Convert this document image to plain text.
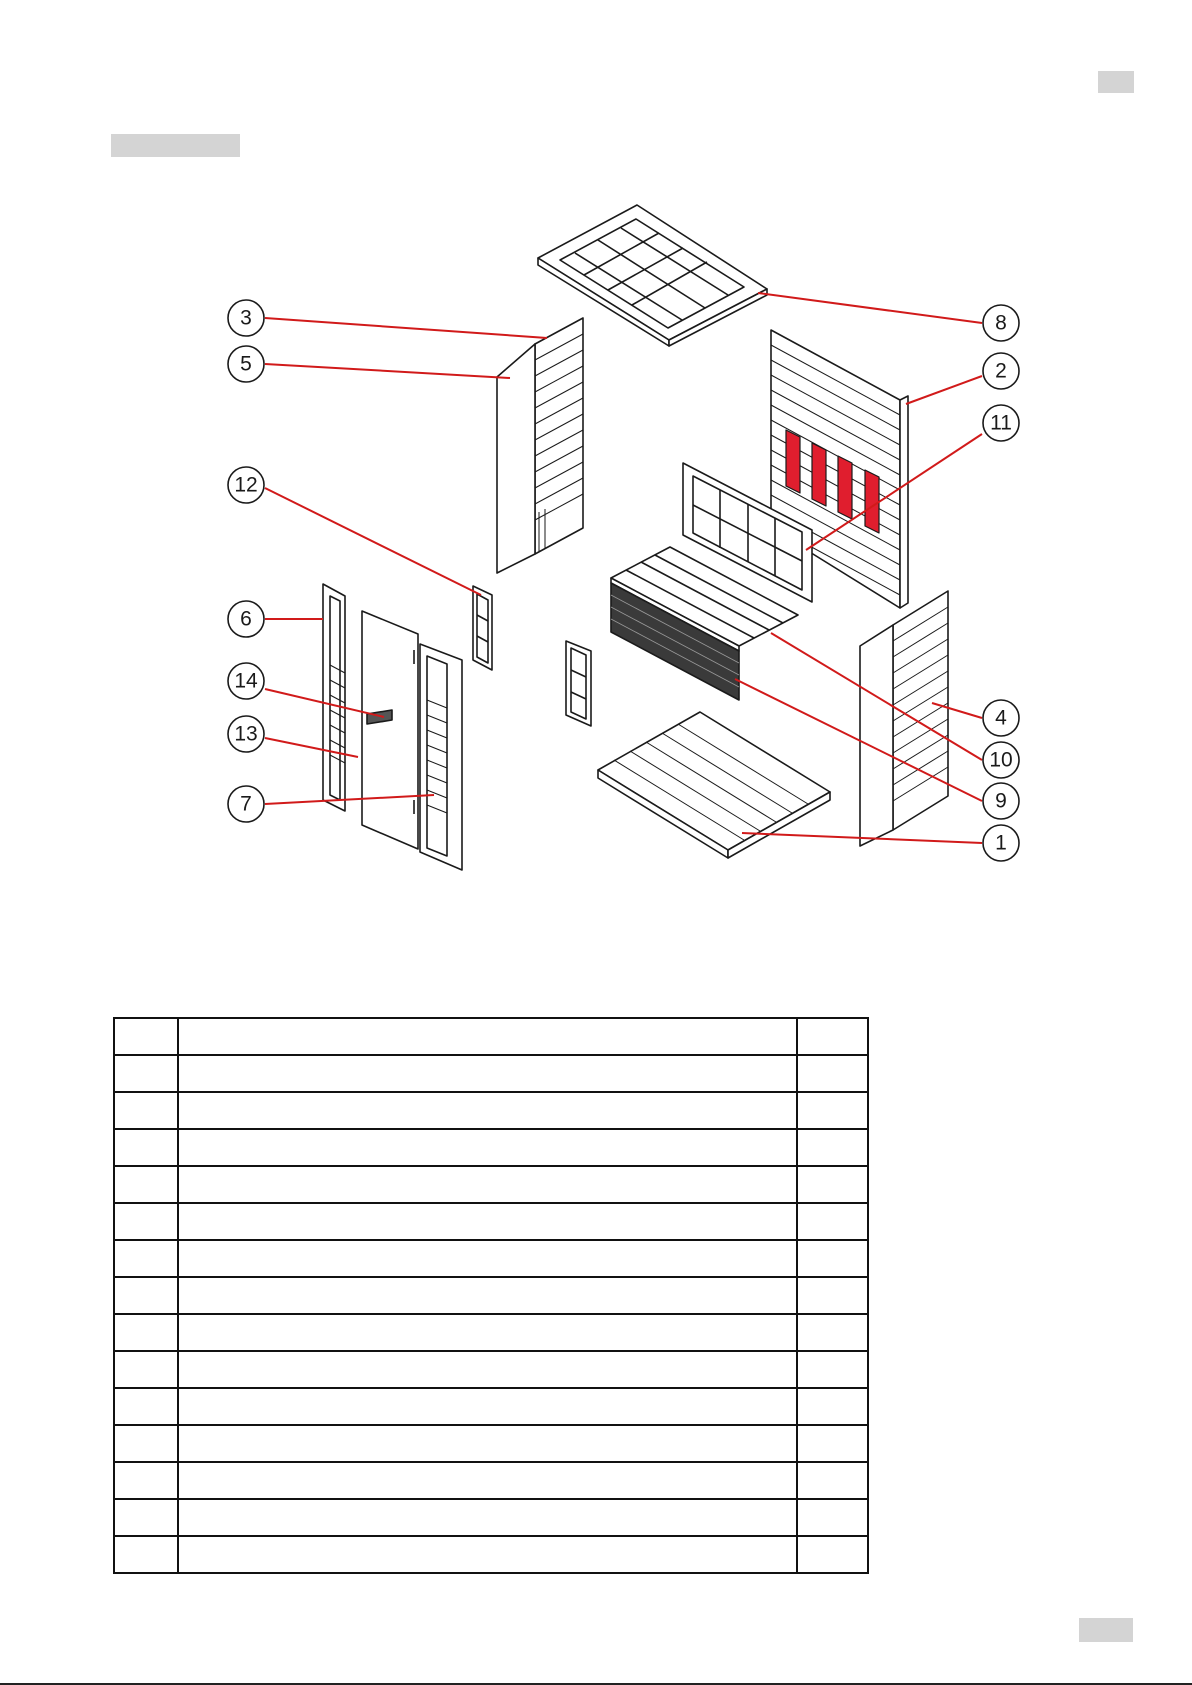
3
5
12
6
14
13
7
8
2
11
4
10
9
1
